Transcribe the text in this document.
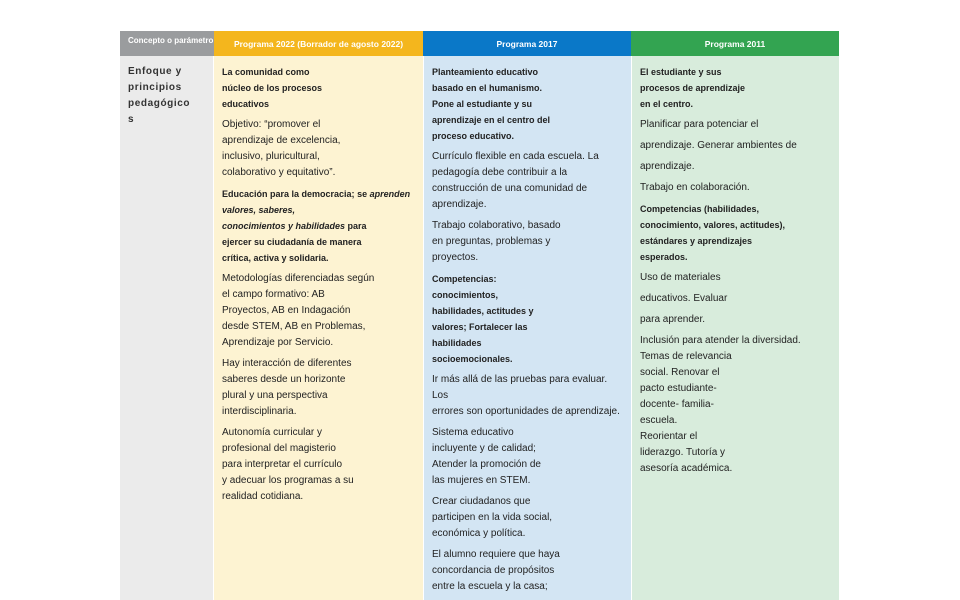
Concepto o parámetro
Enfoque y
principios
pedagógico
s
Programa 2022 (Borrador de agosto 2022)

La comunidad como
núcleo de los procesos
educativos

Objetivo: “promover el
aprendizaje de excelencia,
inclusivo, pluricultural,
colaborativo y equitativo”.

Educación para la democracia; se aprenden valores, saberes,
conocimientos y habilidades para
ejercer su ciudadanía de manera
crítica, activa y solidaria.

Metodologías diferenciadas según
el campo formativo: AB
Proyectos, AB en Indagación
desde STEM, AB en Problemas,
Aprendizaje por Servicio.

Hay interacción de diferentes
saberes desde un horizonte
plural y una perspectiva
interdisciplinaria.

Autonomía curricular y
profesional del magisterio
para interpretar el currículo
y adecuar los programas a su
realidad cotidiana.

Programa 2017

Planteamiento educativo
basado en el humanismo.
Pone al estudiante y su
aprendizaje en el centro del
proceso educativo.

Currículo flexible en cada escuela. La
pedagogía debe contribuir a la
construcción de una comunidad de
aprendizaje.

Trabajo colaborativo, basado
en preguntas, problemas y
proyectos.

Competencias:
conocimientos,
habilidades, actitudes y
valores; Fortalecer las
habilidades
socioemocionales.

Ir más allá de las pruebas para evaluar. Los
errores son oportunidades de aprendizaje.

Sistema educativo
incluyente y de calidad;
Atender la promoción de
las mujeres en STEM.

Crear ciudadanos que
participen en la vida social,
económica y política.

El alumno requiere que haya
concordancia de propósitos
entre la escuela y la casa;

Programa 2011

El estudiante y sus
procesos de aprendizaje
en el centro.

Planificar para potenciar el

aprendizaje. Generar ambientes de

aprendizaje.

Trabajo en colaboración.

Competencias (habilidades,
conocimiento, valores, actitudes),
estándares y aprendizajes
esperados.

Uso de materiales

educativos. Evaluar

para aprender.

Inclusión para atender la diversidad.
Temas de relevancia
social. Renovar el
pacto estudiante-
docente- familia-
escuela.
Reorientar el
liderazgo. Tutoría y
asesoría académica.
